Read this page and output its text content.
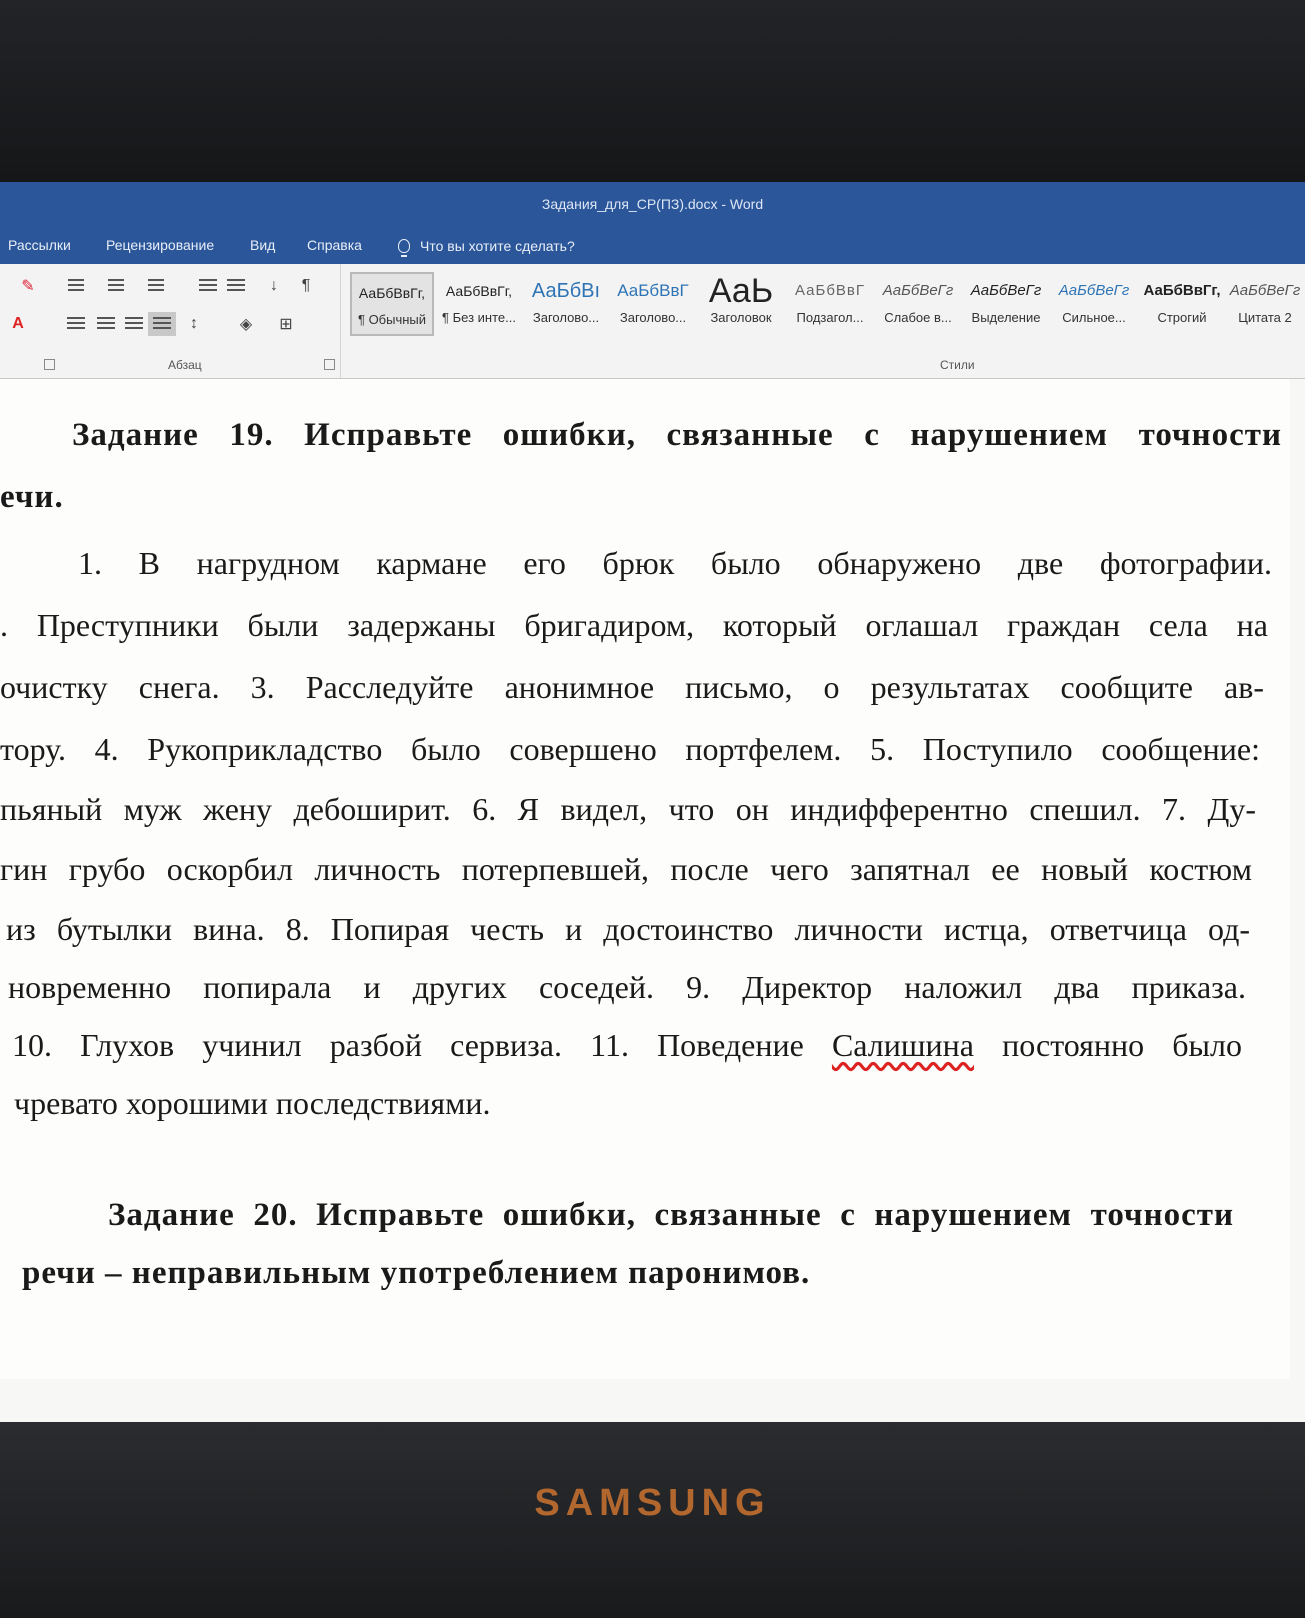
Задания_для_СР(ПЗ).docx - Word
Рассылки	Рецензирование	Вид Справка	Что вы хотите сделать?
✎	↓	¶
A	↕	◈	⊞
Абзац
АаБбВвГг,
¶ Обычный
АаБбВвГг,
¶ Без инте...
АаБбВı
Заголово...
АаБбВвГ
Заголово...
АаЬ
Заголовок
АаБбВвГ
Подзагол...
АаБбВеГг
Слабое в...
АаБбВеГг
Выделение
АаБбВеГг
Сильное...
АаБбВвГг,
Строгий
АаБбВеГг
Цитата 2
Стили
Задание 19. Исправьте ошибки, связанные с нарушением точности
ечи.
1. В нагрудном кармане его брюк было обнаружено две фотографии.
. Преступники были задержаны бригадиром, который оглашал граждан села на
очистку снега. 3. Расследуйте анонимное письмо, о результатах сообщите ав-
тору. 4. Рукоприкладство было совершено портфелем. 5. Поступило сообщение:
пьяный муж жену дебоширит. 6. Я видел, что он индифферентно спешил. 7. Ду-
гин грубо оскорбил личность потерпевшей, после чего запятнал ее новый костюм
из бутылки вина. 8. Попирая честь и достоинство личности истца, ответчица од-
новременно попирала и других соседей. 9. Директор наложил два приказа.
10. Глухов учинил разбой сервиза. 11. Поведение Салишина постоянно было
чревато хорошими последствиями.
Задание 20. Исправьте ошибки, связанные с нарушением точности
речи – неправильным употреблением паронимов.
SAMSUNG
